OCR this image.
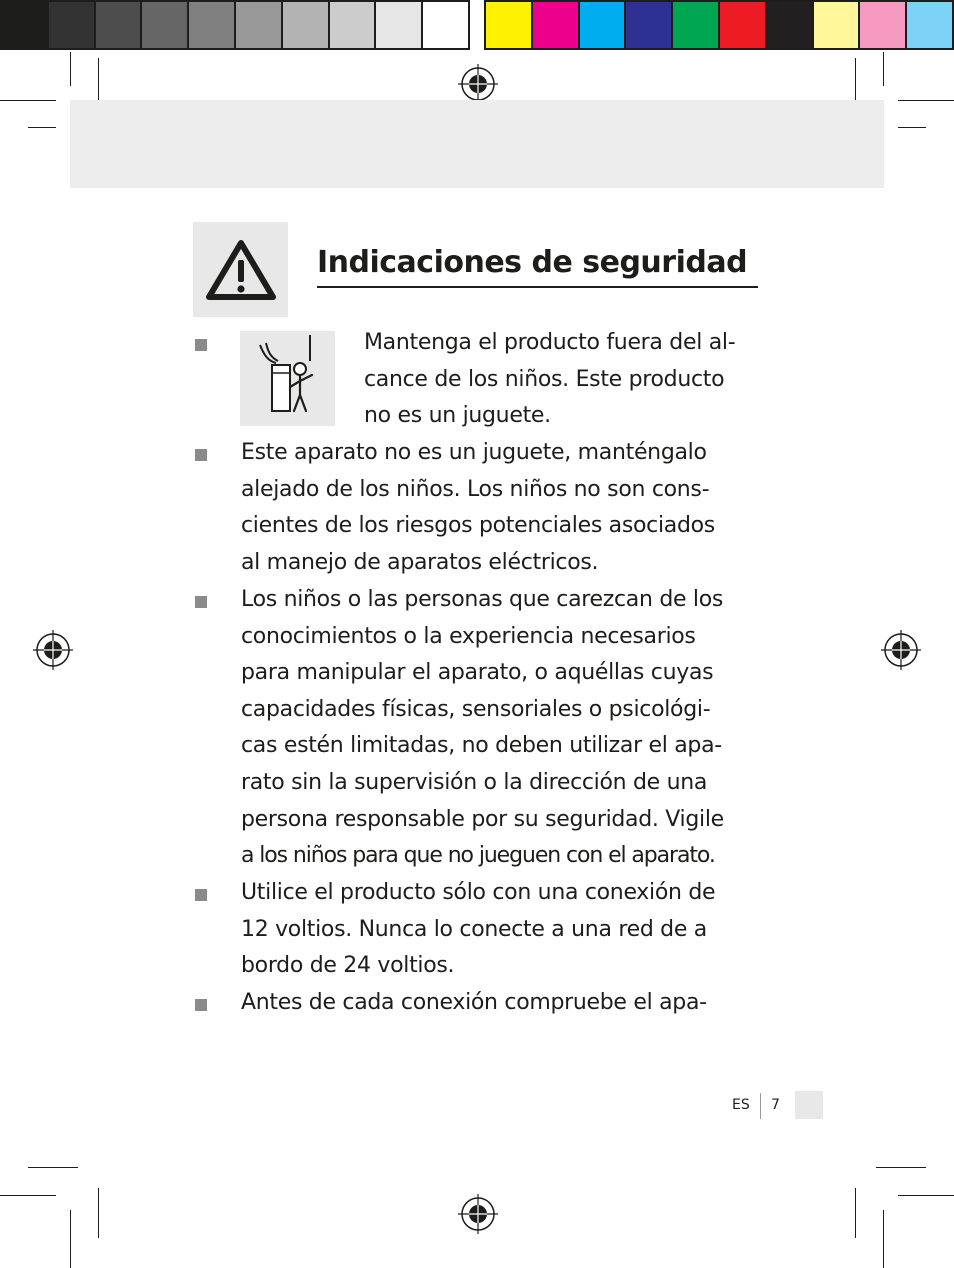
Indicaciones de seguridad

Mantenga el producto fuera del al-
cance de los niños. Este producto
no es un juguete.

Este aparato no es un juguete, manténgalo
alejado de los niños. Los niños no son cons-
cientes de los riesgos potenciales asociados
al manejo de aparatos eléctricos.

Los niños o las personas que carezcan de los
conocimientos o la experiencia necesarios
para manipular el aparato, o aquéllas cuyas
capacidades físicas, sensoriales o psicológi-
cas estén limitadas, no deben utilizar el apa-
rato sin la supervisión o la dirección de una
persona responsable por su seguridad. Vigile
a los niños para que no jueguen con el aparato.

Utilice el producto sólo con una conexión de
12 voltios. Nunca lo conecte a una red de a
bordo de 24 voltios.

Antes de cada conexión compruebe el apa-

ES 7
